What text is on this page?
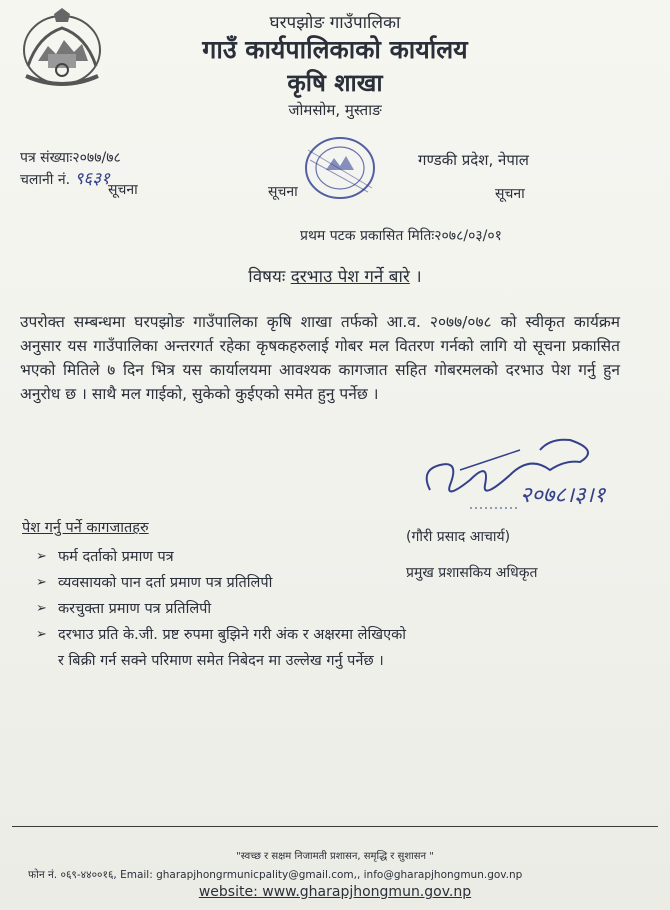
घरपझोङ गाउँपालिका
गाउँ कार्यपालिकाको कार्यालय
कृषि शाखा
जोमसोम, मुस्ताङ
पत्र संख्याः२०७७/७८
चलानी नं. ९६३१
सूचना	सूचना
गण्डकी प्रदेश, नेपाल
सूचना
प्रथम पटक प्रकासित मितिः२०७८/०३/०१
विषयः दरभाउ पेश गर्ने बारे ।
उपरोक्त सम्बन्धमा घरपझोङ गाउँपालिका कृषि शाखा तर्फको आ.व. २०७७/०७८ को स्वीकृत कार्यक्रम अनुसार यस गाउँपालिका अन्तरगर्त रहेका कृषकहरुलाई गोबर मल वितरण गर्नको लागि यो सूचना प्रकासित भएको मितिले ७ दिन भित्र यस कार्यालयमा आवश्यक कागजात सहित गोबरमलको दरभाउ पेश गर्नु हुन अनुरोध छ । साथै मल गाईको, सुकेको कुईएको समेत हुनु पर्नेछ ।
२०७८।३।१
(गौरी प्रसाद आचार्य)
प्रमुख प्रशासकिय अधिकृत
पेश गर्नु पर्ने कागजातहरु
➢ फर्म दर्ताको प्रमाण पत्र
➢ व्यवसायको पान दर्ता प्रमाण पत्र प्रतिलिपी
➢ करचुक्ता प्रमाण पत्र प्रतिलिपी
➢ दरभाउ प्रति के.जी. प्रष्ट रुपमा बुझिने गरी अंक र अक्षरमा लेखिएको र बिक्री गर्न सक्ने परिमाण समेत निबेदन मा उल्लेख गर्नु पर्नेछ ।
"स्वच्छ र सक्षम निजामती प्रशासन, समृद्धि र सुशासन "
फोन नं. ०६९-४४००१६, Email: gharapjhongrmunicpality@gmail.com,, info@gharapjhongmun.gov.np
website: www.gharapjhongmun.gov.np
